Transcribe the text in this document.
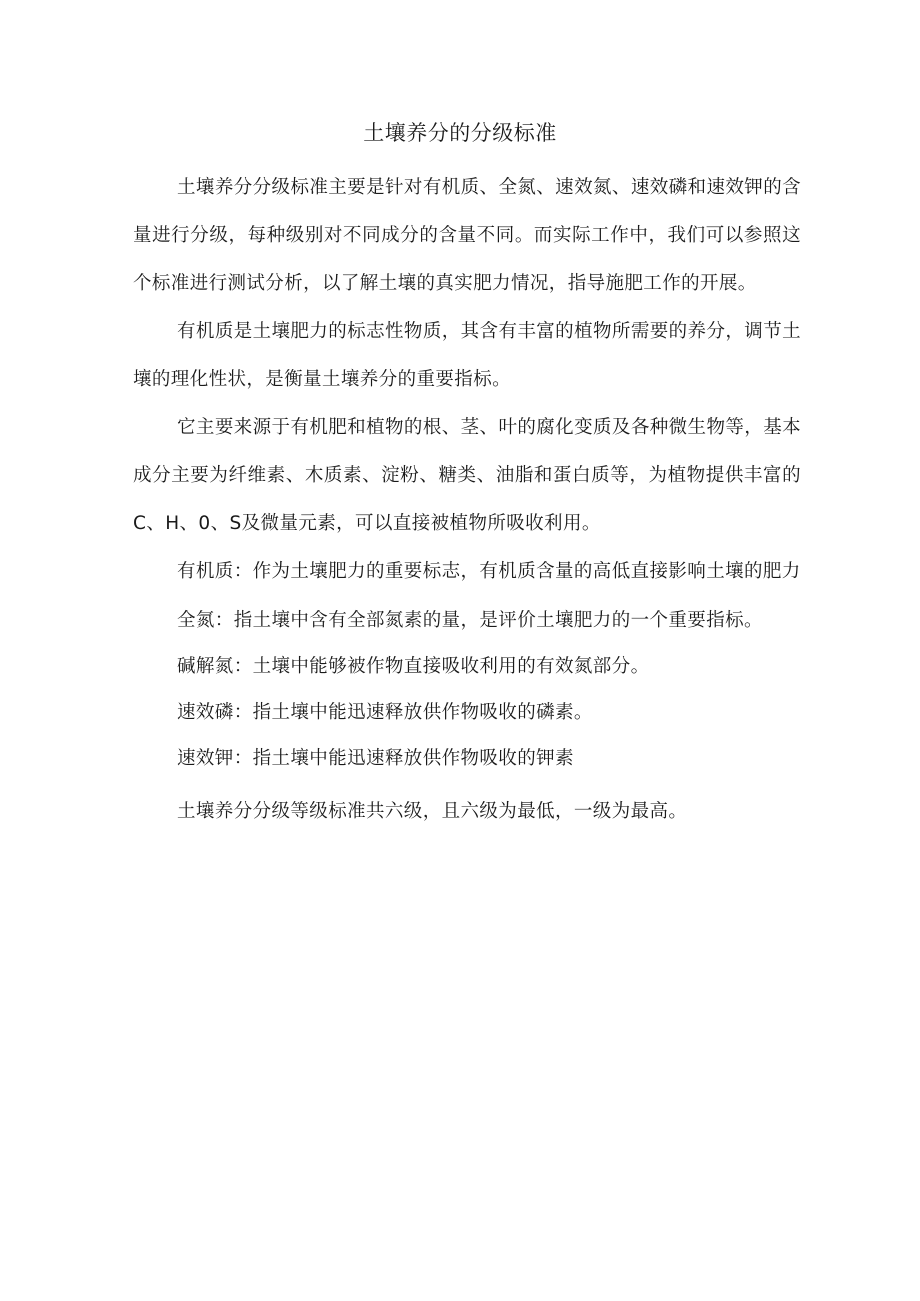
土壤养分的分级标准

土壤养分分级标准主要是针对有机质、全氮、速效氮、速效磷和速效钾的含量进行分级，每种级别对不同成分的含量不同。而实际工作中，我们可以参照这个标准进行测试分析，以了解土壤的真实肥力情况，指导施肥工作的开展。

有机质是土壤肥力的标志性物质，其含有丰富的植物所需要的养分，调节土壤的理化性状，是衡量土壤养分的重要指标。

它主要来源于有机肥和植物的根、茎、叶的腐化变质及各种微生物等，基本成分主要为纤维素、木质素、淀粉、糖类、油脂和蛋白质等，为植物提供丰富的C、H、0、S及微量元素，可以直接被植物所吸收利用。

有机质：作为土壤肥力的重要标志，有机质含量的高低直接影响土壤的肥力

全氮：指土壤中含有全部氮素的量，是评价土壤肥力的一个重要指标。

碱解氮：土壤中能够被作物直接吸收利用的有效氮部分。

速效磷：指土壤中能迅速释放供作物吸收的磷素。

速效钾：指土壤中能迅速释放供作物吸收的钾素

土壤养分分级等级标准共六级，且六级为最低，一级为最高。
